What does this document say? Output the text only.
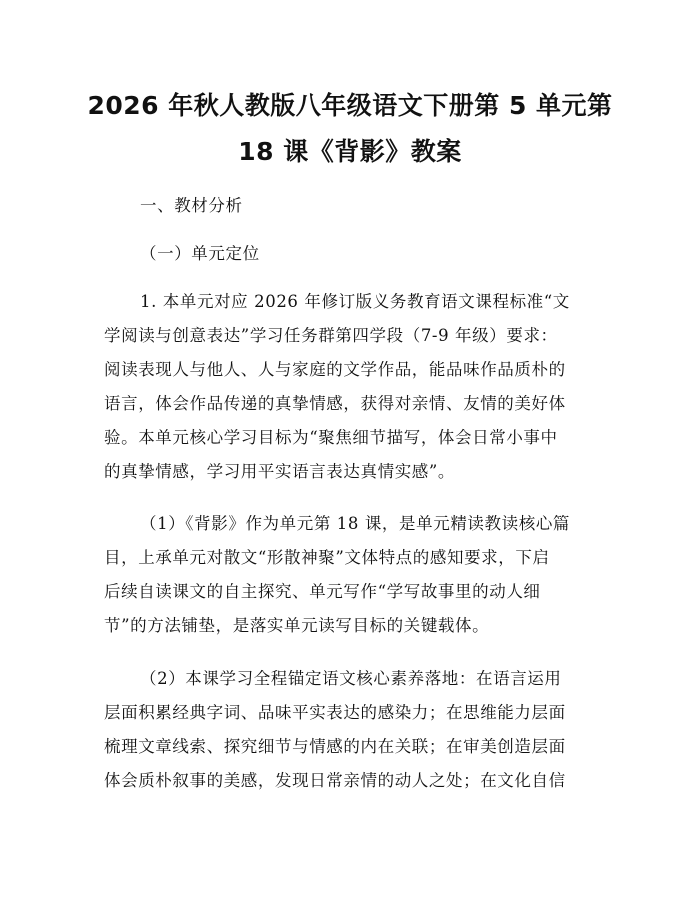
2026 年秋人教版八年级语文下册第 5 单元第
18 课《背影》教案

一、教材分析

（一）单元定位

1. 本单元对应 2026 年修订版义务教育语文课程标准“文

学阅读与创意表达”学习任务群第四学段（7-9 年级）要求：

阅读表现人与他人、人与家庭的文学作品，能品味作品质朴的

语言，体会作品传递的真挚情感，获得对亲情、友情的美好体

验。本单元核心学习目标为“聚焦细节描写，体会日常小事中

的真挚情感，学习用平实语言表达真情实感”。

（1）《背影》作为单元第 18 课，是单元精读教读核心篇

目，上承单元对散文“形散神聚”文体特点的感知要求，下启

后续自读课文的自主探究、单元写作“学写故事里的动人细

节”的方法铺垫，是落实单元读写目标的关键载体。

（2）本课学习全程锚定语文核心素养落地：在语言运用

层面积累经典字词、品味平实表达的感染力；在思维能力层面

梳理文章线索、探究细节与情感的内在关联；在审美创造层面

体会质朴叙事的美感，发现日常亲情的动人之处；在文化自信
